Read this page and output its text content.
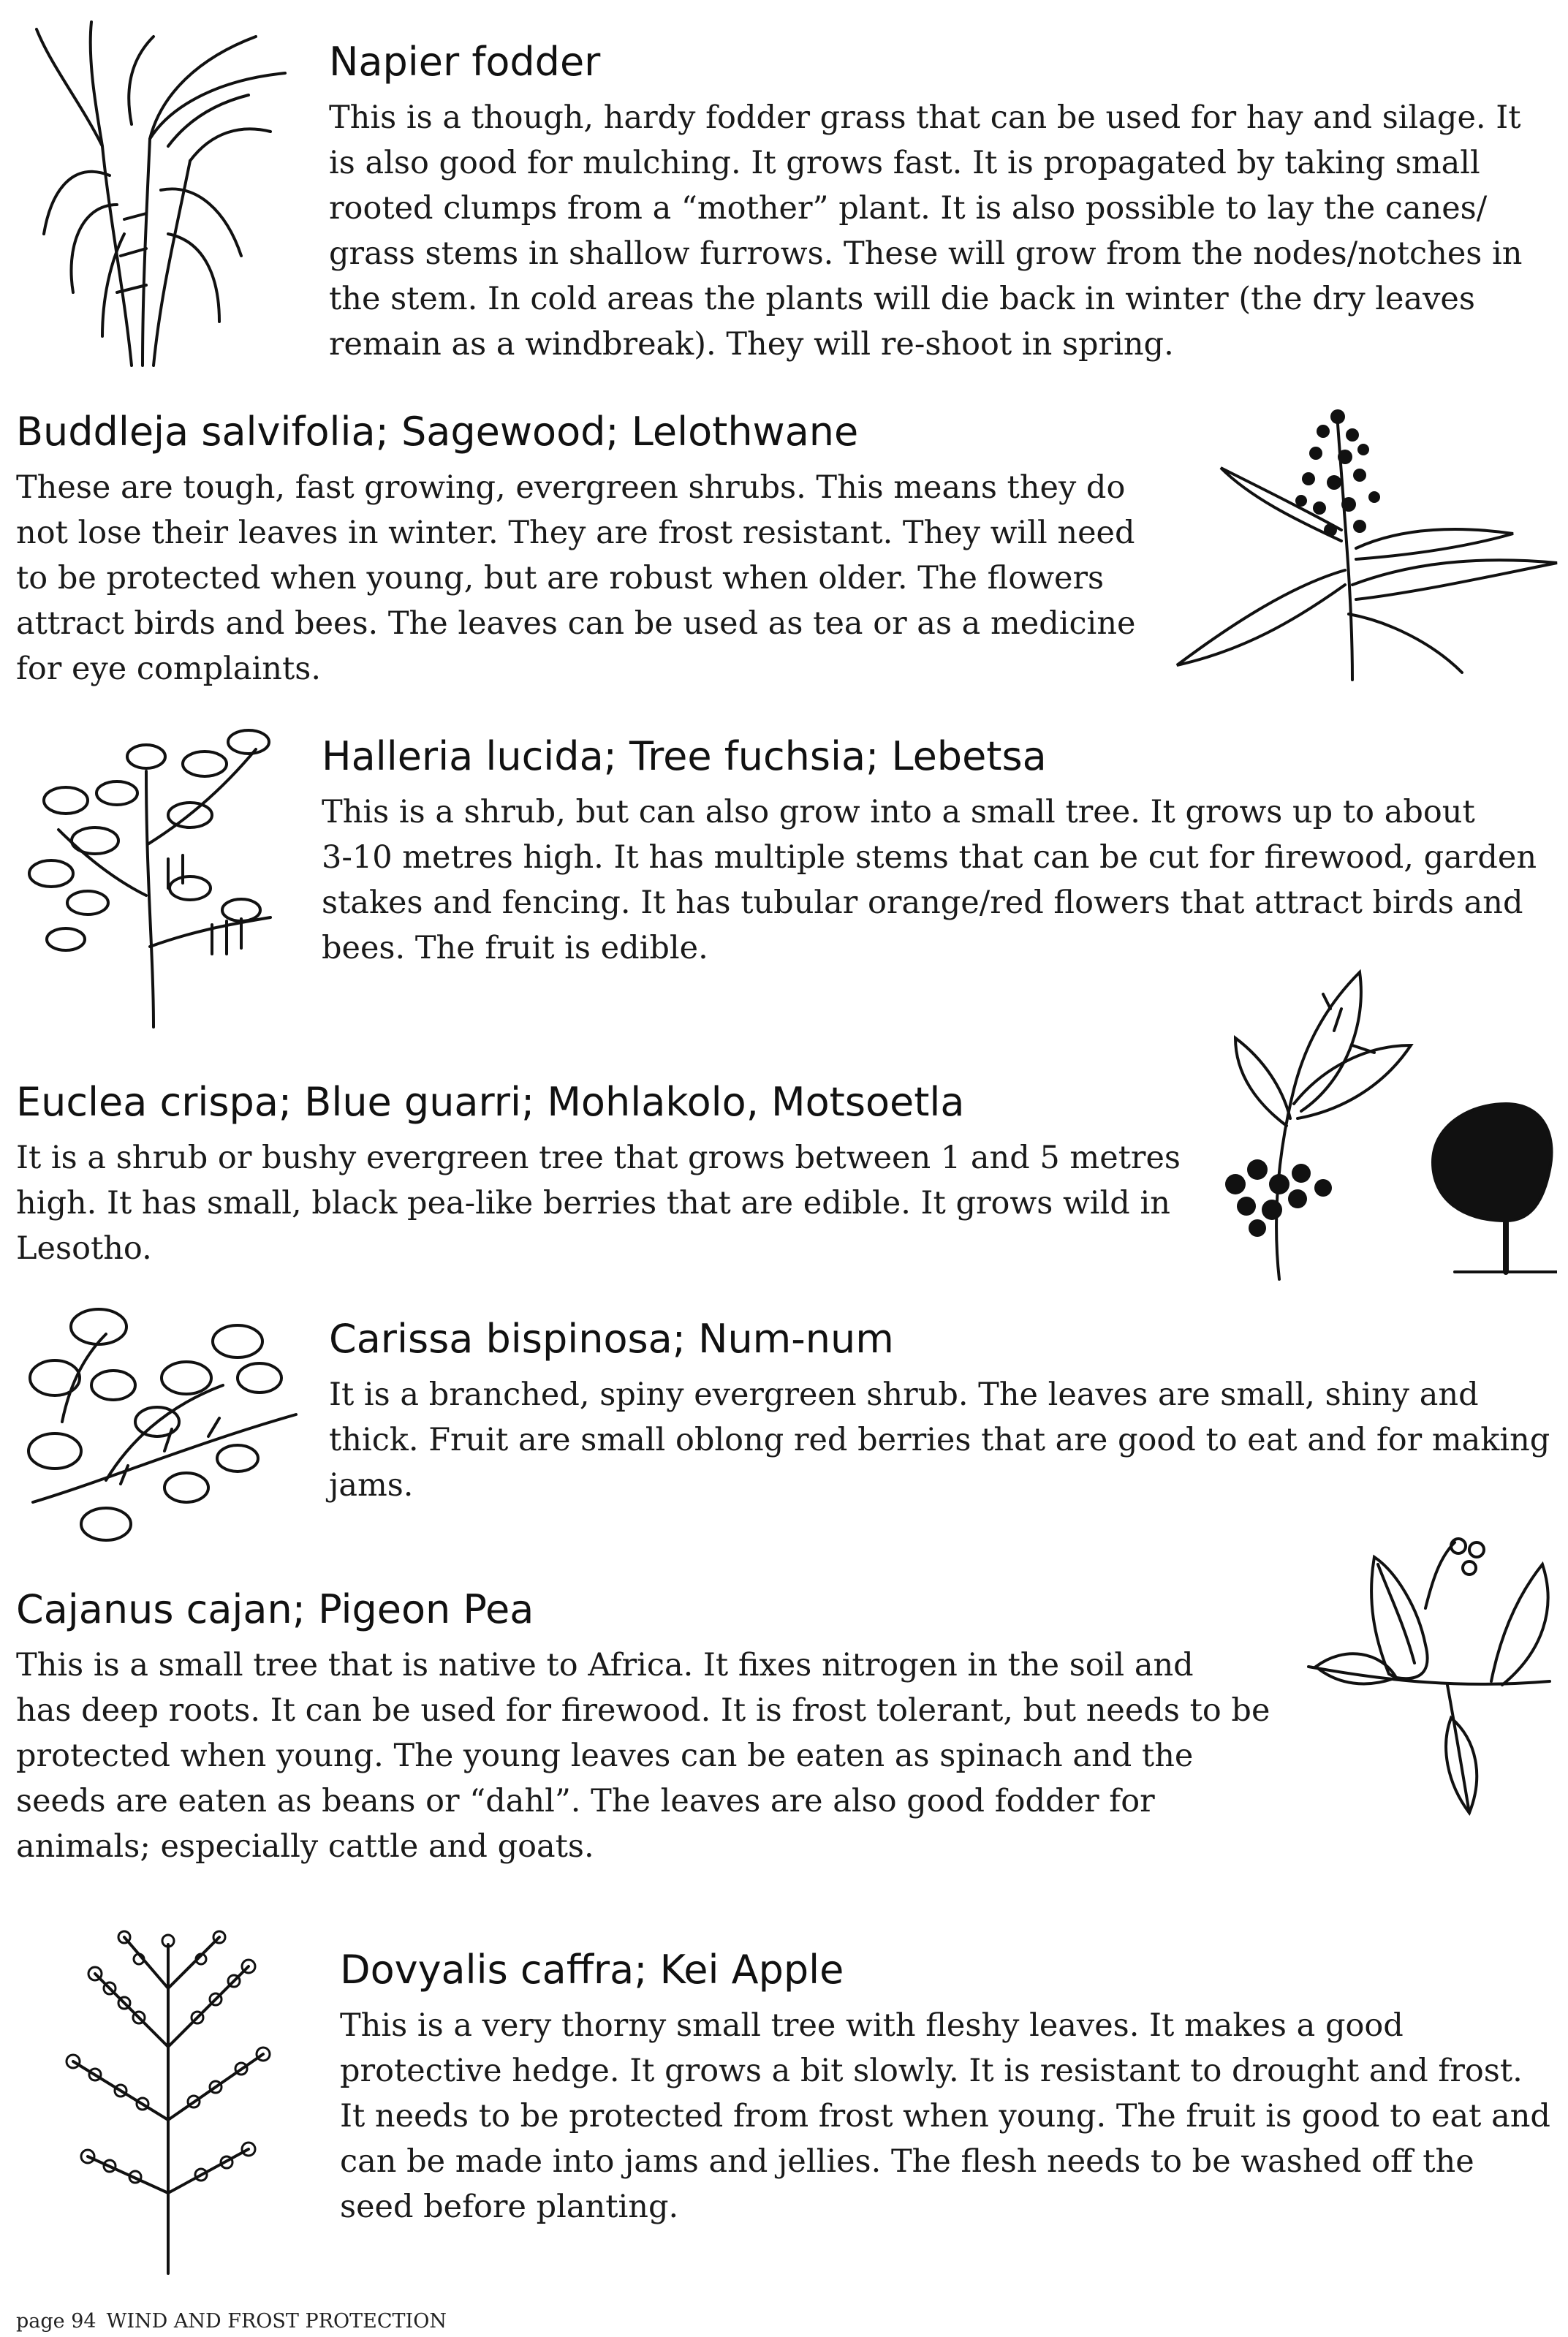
Napier fodder

This is a though, hardy fodder grass that can be used for hay and silage. It
is also good for mulching. It grows fast. It is propagated by taking small
rooted clumps from a “mother” plant. It is also possible to lay the canes/
grass stems in shallow furrows. These will grow from the nodes/notches in
the stem. In cold areas the plants will die back in winter (the dry leaves
remain as a windbreak). They will re-shoot in spring.

Buddleja salvifolia; Sagewood; Lelothwane

These are tough, fast growing, evergreen shrubs. This means they do
not lose their leaves in winter. They are frost resistant. They will need
to be protected when young, but are robust when older. The flowers
attract birds and bees. The leaves can be used as tea or as a medicine
for eye complaints.

Halleria lucida; Tree fuchsia; Lebetsa

This is a shrub, but can also grow into a small tree. It grows up to about
3-10 metres high. It has multiple stems that can be cut for firewood, garden
stakes and fencing. It has tubular orange/red flowers that attract birds and
bees. The fruit is edible.

Euclea crispa; Blue guarri; Mohlakolo, Motsoetla

It is a shrub or bushy evergreen tree that grows between 1 and 5 metres
high. It has small, black pea-like berries that are edible. It grows wild in
Lesotho.

Carissa bispinosa; Num-num

It is a branched, spiny evergreen shrub. The leaves are small, shiny and
thick. Fruit are small oblong red berries that are good to eat and for making
jams.

Cajanus cajan; Pigeon Pea

This is a small tree that is native to Africa. It fixes nitrogen in the soil and
has deep roots. It can be used for firewood. It is frost tolerant, but needs to be
protected when young. The young leaves can be eaten as spinach and the
seeds are eaten as beans or “dahl”. The leaves are also good fodder for
animals; especially cattle and goats.

Dovyalis caffra; Kei Apple

This is a very thorny small tree with fleshy leaves. It makes a good
protective hedge. It grows a bit slowly. It is resistant to drought and frost.
It needs to be protected from frost when young. The fruit is good to eat and
can be made into jams and jellies. The flesh needs to be washed off the
seed before planting.

page 94 WIND AND FROST PROTECTION
